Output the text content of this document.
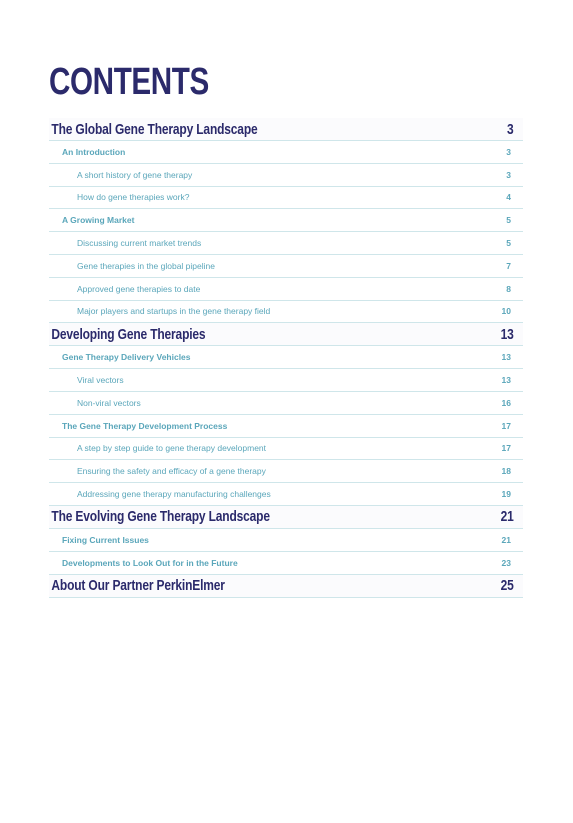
CONTENTS
The Global Gene Therapy Landscape	3
An Introduction	3
A short history of gene therapy	3
How do gene therapies work?	4
A Growing Market	5
Discussing current market trends	5
Gene therapies in the global pipeline	7
Approved gene therapies to date	8
Major players and startups in the gene therapy field	10
Developing Gene Therapies	13
Gene Therapy Delivery Vehicles	13
Viral vectors	13
Non-viral vectors	16
The Gene Therapy Development Process	17
A step by step guide to gene therapy development	17
Ensuring the safety and efficacy of a gene therapy	18
Addressing gene therapy manufacturing challenges	19
The Evolving Gene Therapy Landscape	21
Fixing Current Issues	21
Developments to Look Out for in the Future	23
About Our Partner PerkinElmer	25
